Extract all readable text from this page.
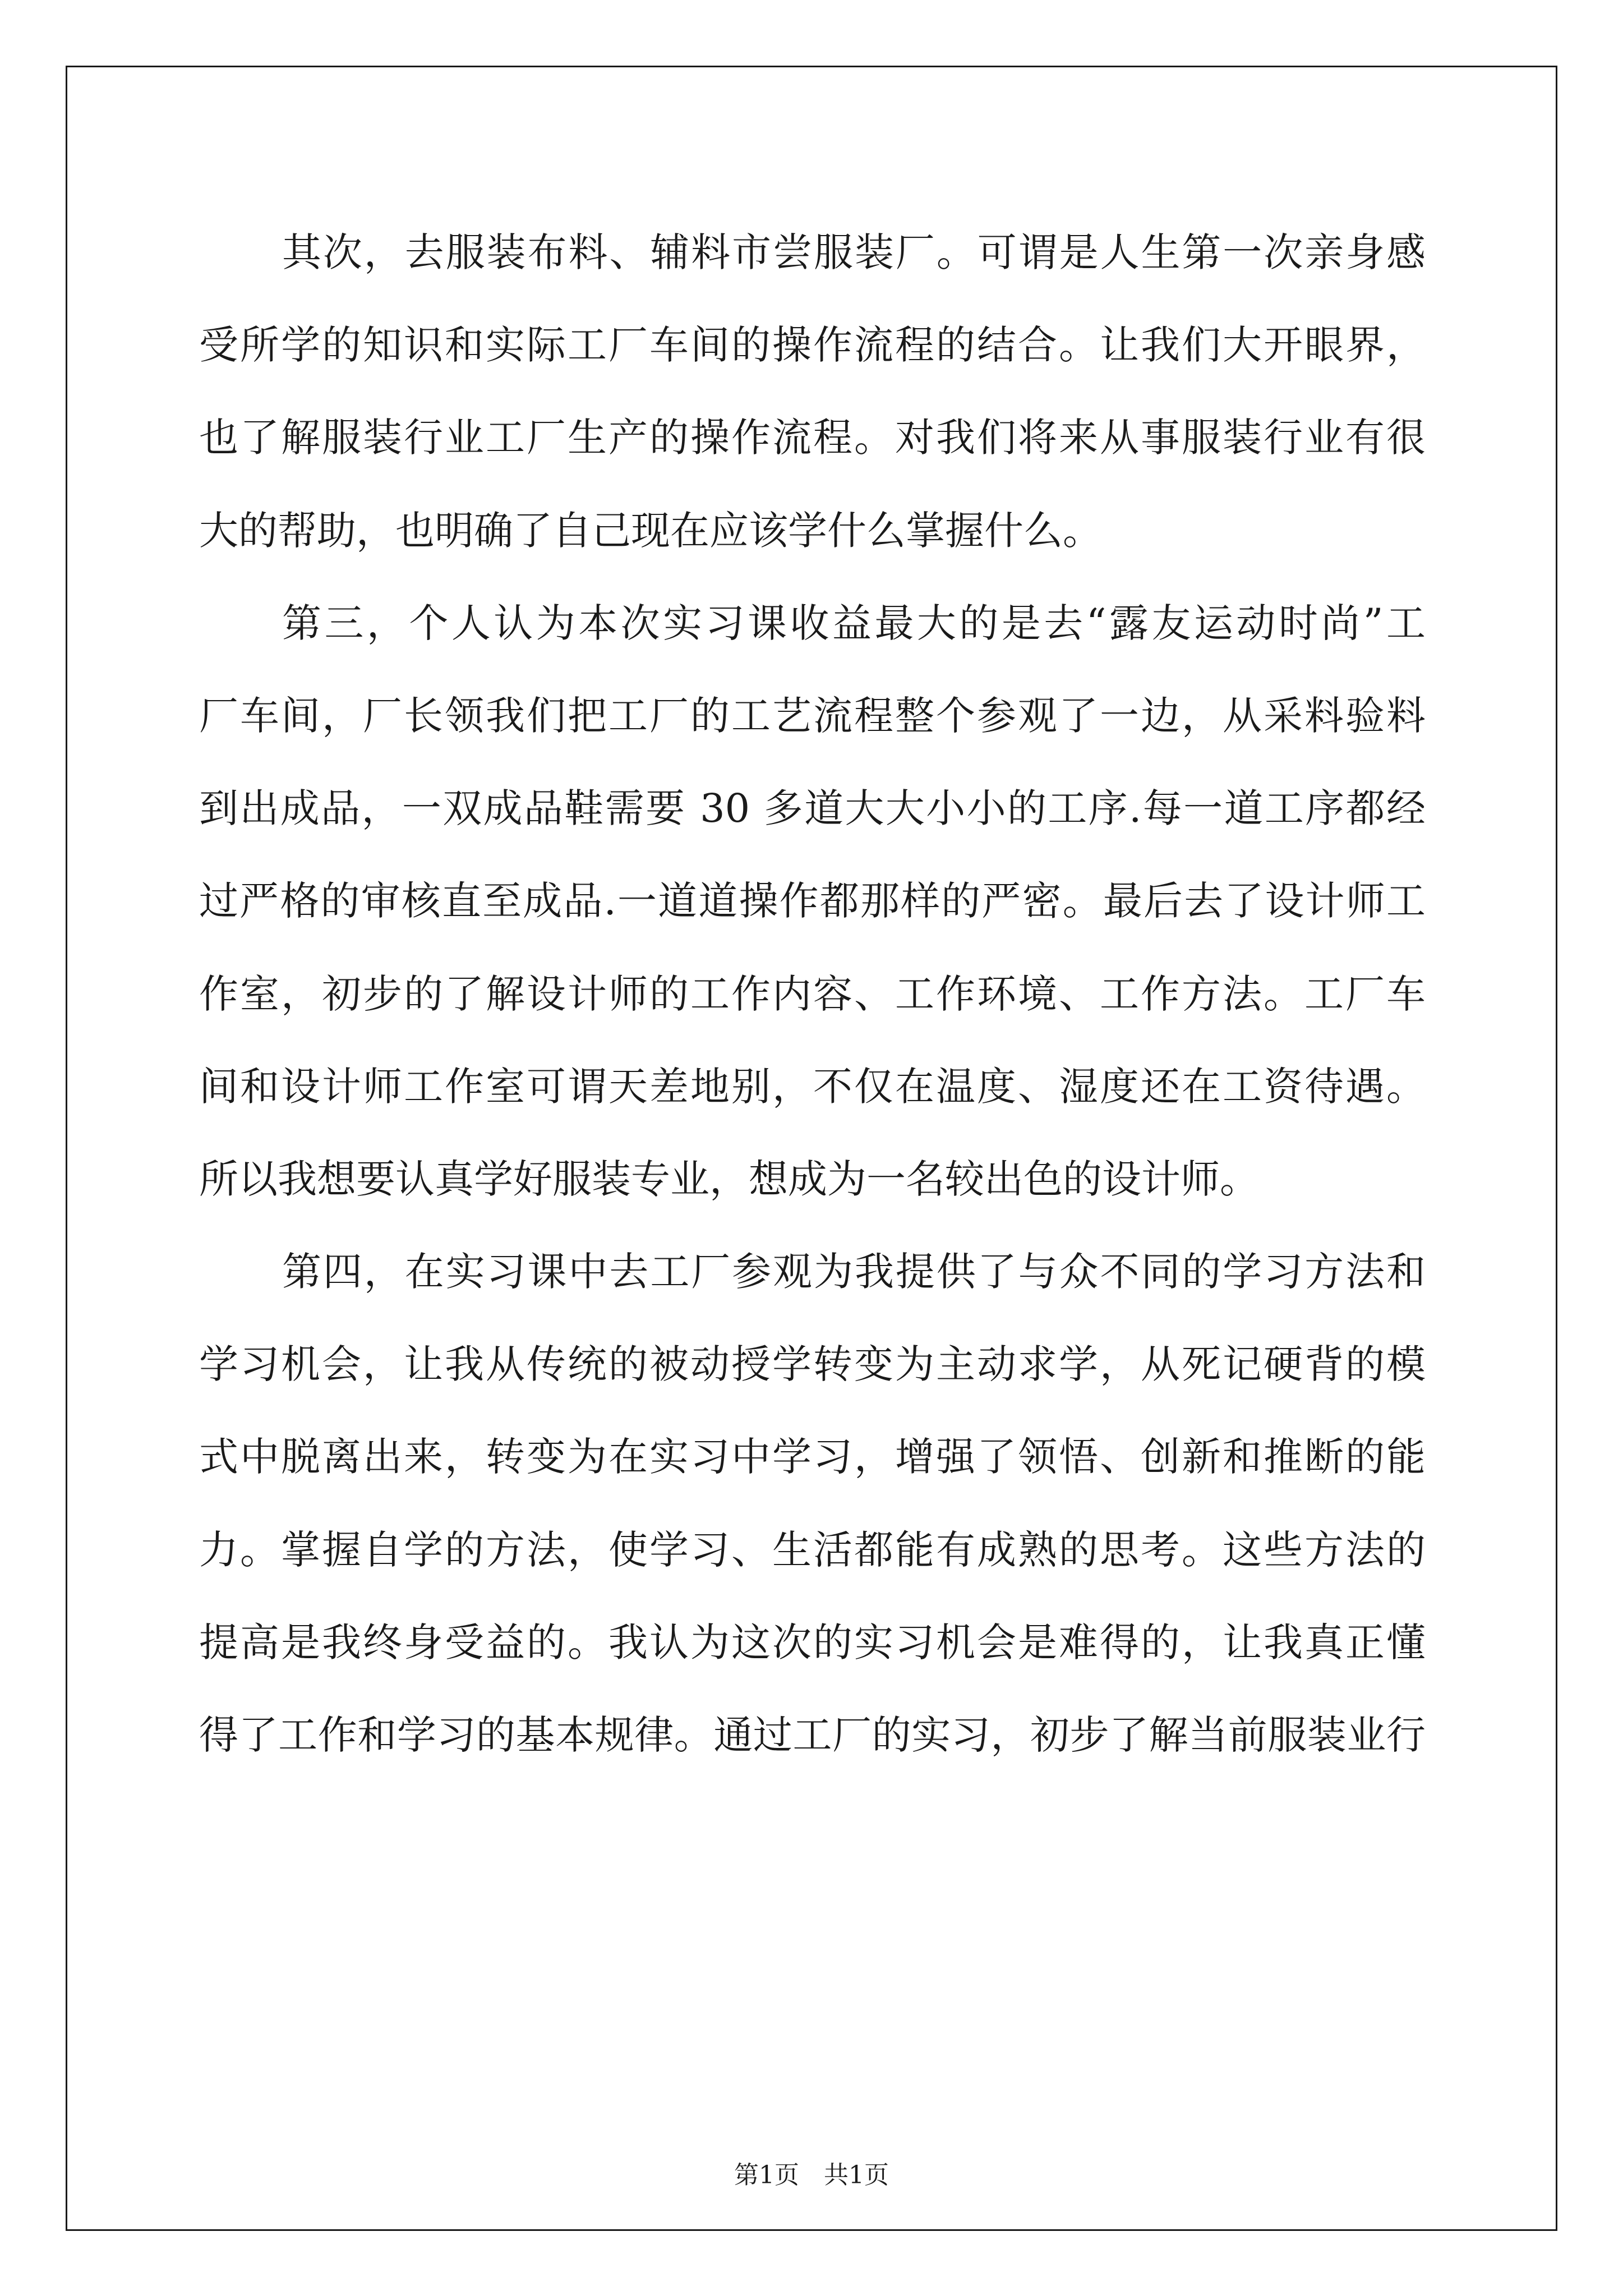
其次，去服装布料、辅料市尝服装厂。可谓是人生第一次亲身感
受所学的知识和实际工厂车间的操作流程的结合。让我们大开眼界，
也了解服装行业工厂生产的操作流程。对我们将来从事服装行业有很
大的帮助，也明确了自己现在应该学什么掌握什么。
第三，个人认为本次实习课收益最大的是去“露友运动时尚”工
厂车间，厂长领我们把工厂的工艺流程整个参观了一边，从采料验料
到出成品，一双成品鞋需要 30 多道大大小小的工序.每一道工序都经
过严格的审核直至成品.一道道操作都那样的严密。最后去了设计师工
作室，初步的了解设计师的工作内容、工作环境、工作方法。工厂车
间和设计师工作室可谓天差地别，不仅在温度、湿度还在工资待遇。
所以我想要认真学好服装专业，想成为一名较出色的设计师。
第四，在实习课中去工厂参观为我提供了与众不同的学习方法和
学习机会，让我从传统的被动授学转变为主动求学，从死记硬背的模
式中脱离出来，转变为在实习中学习，增强了领悟、创新和推断的能
力。掌握自学的方法，使学习、生活都能有成熟的思考。这些方法的
提高是我终身受益的。我认为这次的实习机会是难得的，让我真正懂
得了工作和学习的基本规律。通过工厂的实习，初步了解当前服装业行
第1页　共1页
